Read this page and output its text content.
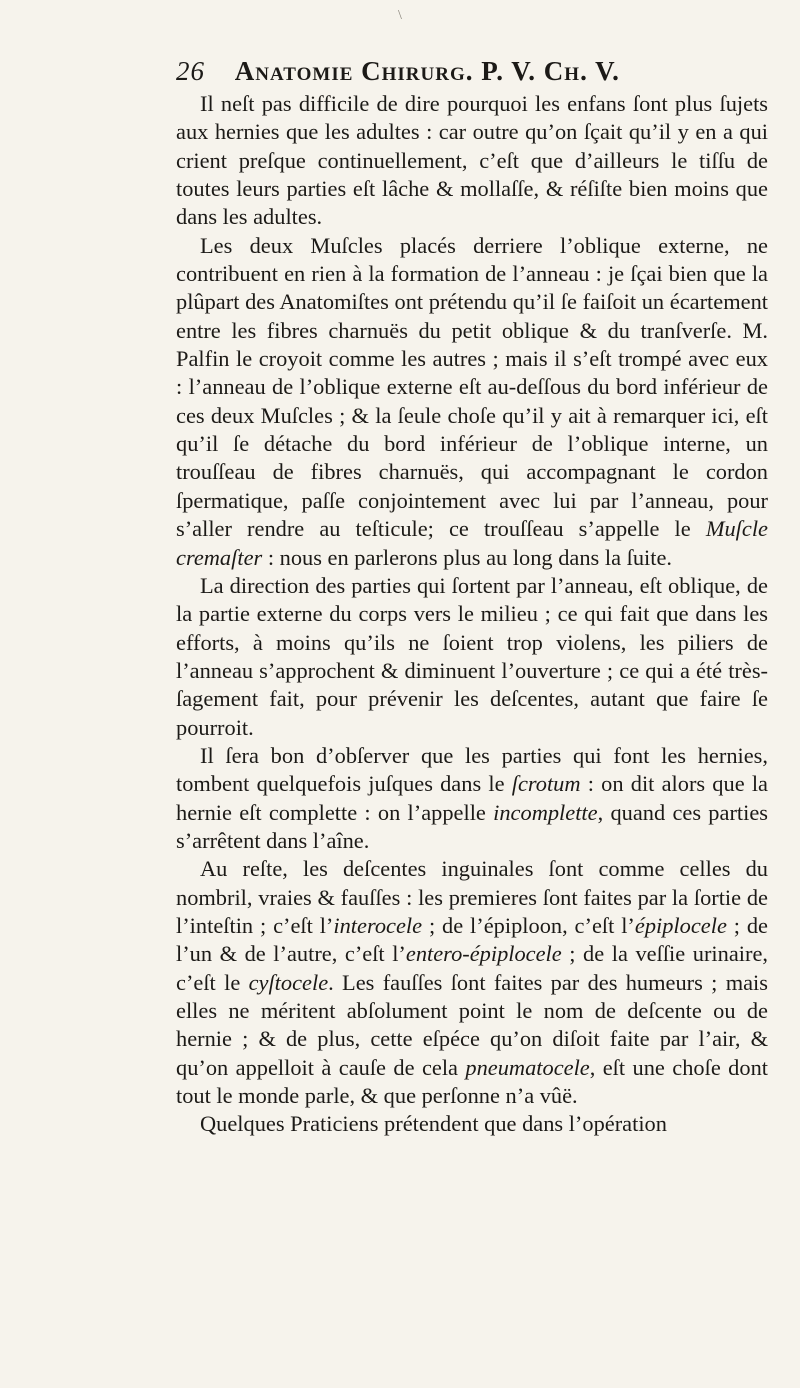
\
26 Anatomie Chirurg. P. V. Ch. V.

Il neſt pas difficile de dire pourquoi les enfans ſont plus ſujets aux hernies que les adultes : car outre qu’on ſçait qu’il y en a qui crient preſque continuellement, c’eſt que d’ailleurs le tiſſu de toutes leurs parties eſt lâche & mollaſſe, & réſiſte bien moins que dans les adultes.

Les deux Muſcles placés derriere l’oblique externe, ne contribuent en rien à la formation de l’anneau : je ſçai bien que la plûpart des Anatomiſtes ont prétendu qu’il ſe faiſoit un écartement entre les fibres charnuës du petit oblique & du tranſverſe. M. Palfin le croyoit comme les autres ; mais il s’eſt trompé avec eux : l’anneau de l’oblique externe eſt au-deſſous du bord inférieur de ces deux Muſcles ; & la ſeule choſe qu’il y ait à remarquer ici, eſt qu’il ſe détache du bord inférieur de l’oblique interne, un trouſſeau de fibres charnuës, qui accompagnant le cordon ſpermatique, paſſe conjointement avec lui par l’anneau, pour s’aller rendre au teſticule; ce trouſſeau s’appelle le Muſcle cremaſter : nous en parlerons plus au long dans la ſuite.

La direction des parties qui ſortent par l’anneau, eſt oblique, de la partie externe du corps vers le milieu ; ce qui fait que dans les efforts, à moins qu’ils ne ſoient trop violens, les piliers de l’anneau s’approchent & diminuent l’ouverture ; ce qui a été très-ſagement fait, pour prévenir les deſcentes, autant que faire ſe pourroit.

Il ſera bon d’obſerver que les parties qui font les hernies, tombent quelquefois juſques dans le ſcrotum : on dit alors que la hernie eſt complette : on l’appelle incomplette, quand ces parties s’arrêtent dans l’aîne.

Au reſte, les deſcentes inguinales ſont comme celles du nombril, vraies & fauſſes : les premieres ſont faites par la ſortie de l’inteſtin ; c’eſt l’interocele ; de l’épiploon, c’eſt l’épiplocele ; de l’un & de l’autre, c’eſt l’entero-épiplocele ; de la veſſie urinaire, c’eſt le cyſtocele. Les fauſſes ſont faites par des humeurs ; mais elles ne méritent abſolument point le nom de deſcente ou de hernie ; & de plus, cette eſpéce qu’on diſoit faite par l’air, & qu’on appelloit à cauſe de cela pneumatocele, eſt une choſe dont tout le monde parle, & que perſonne n’a vûë.

Quelques Praticiens prétendent que dans l’opération
